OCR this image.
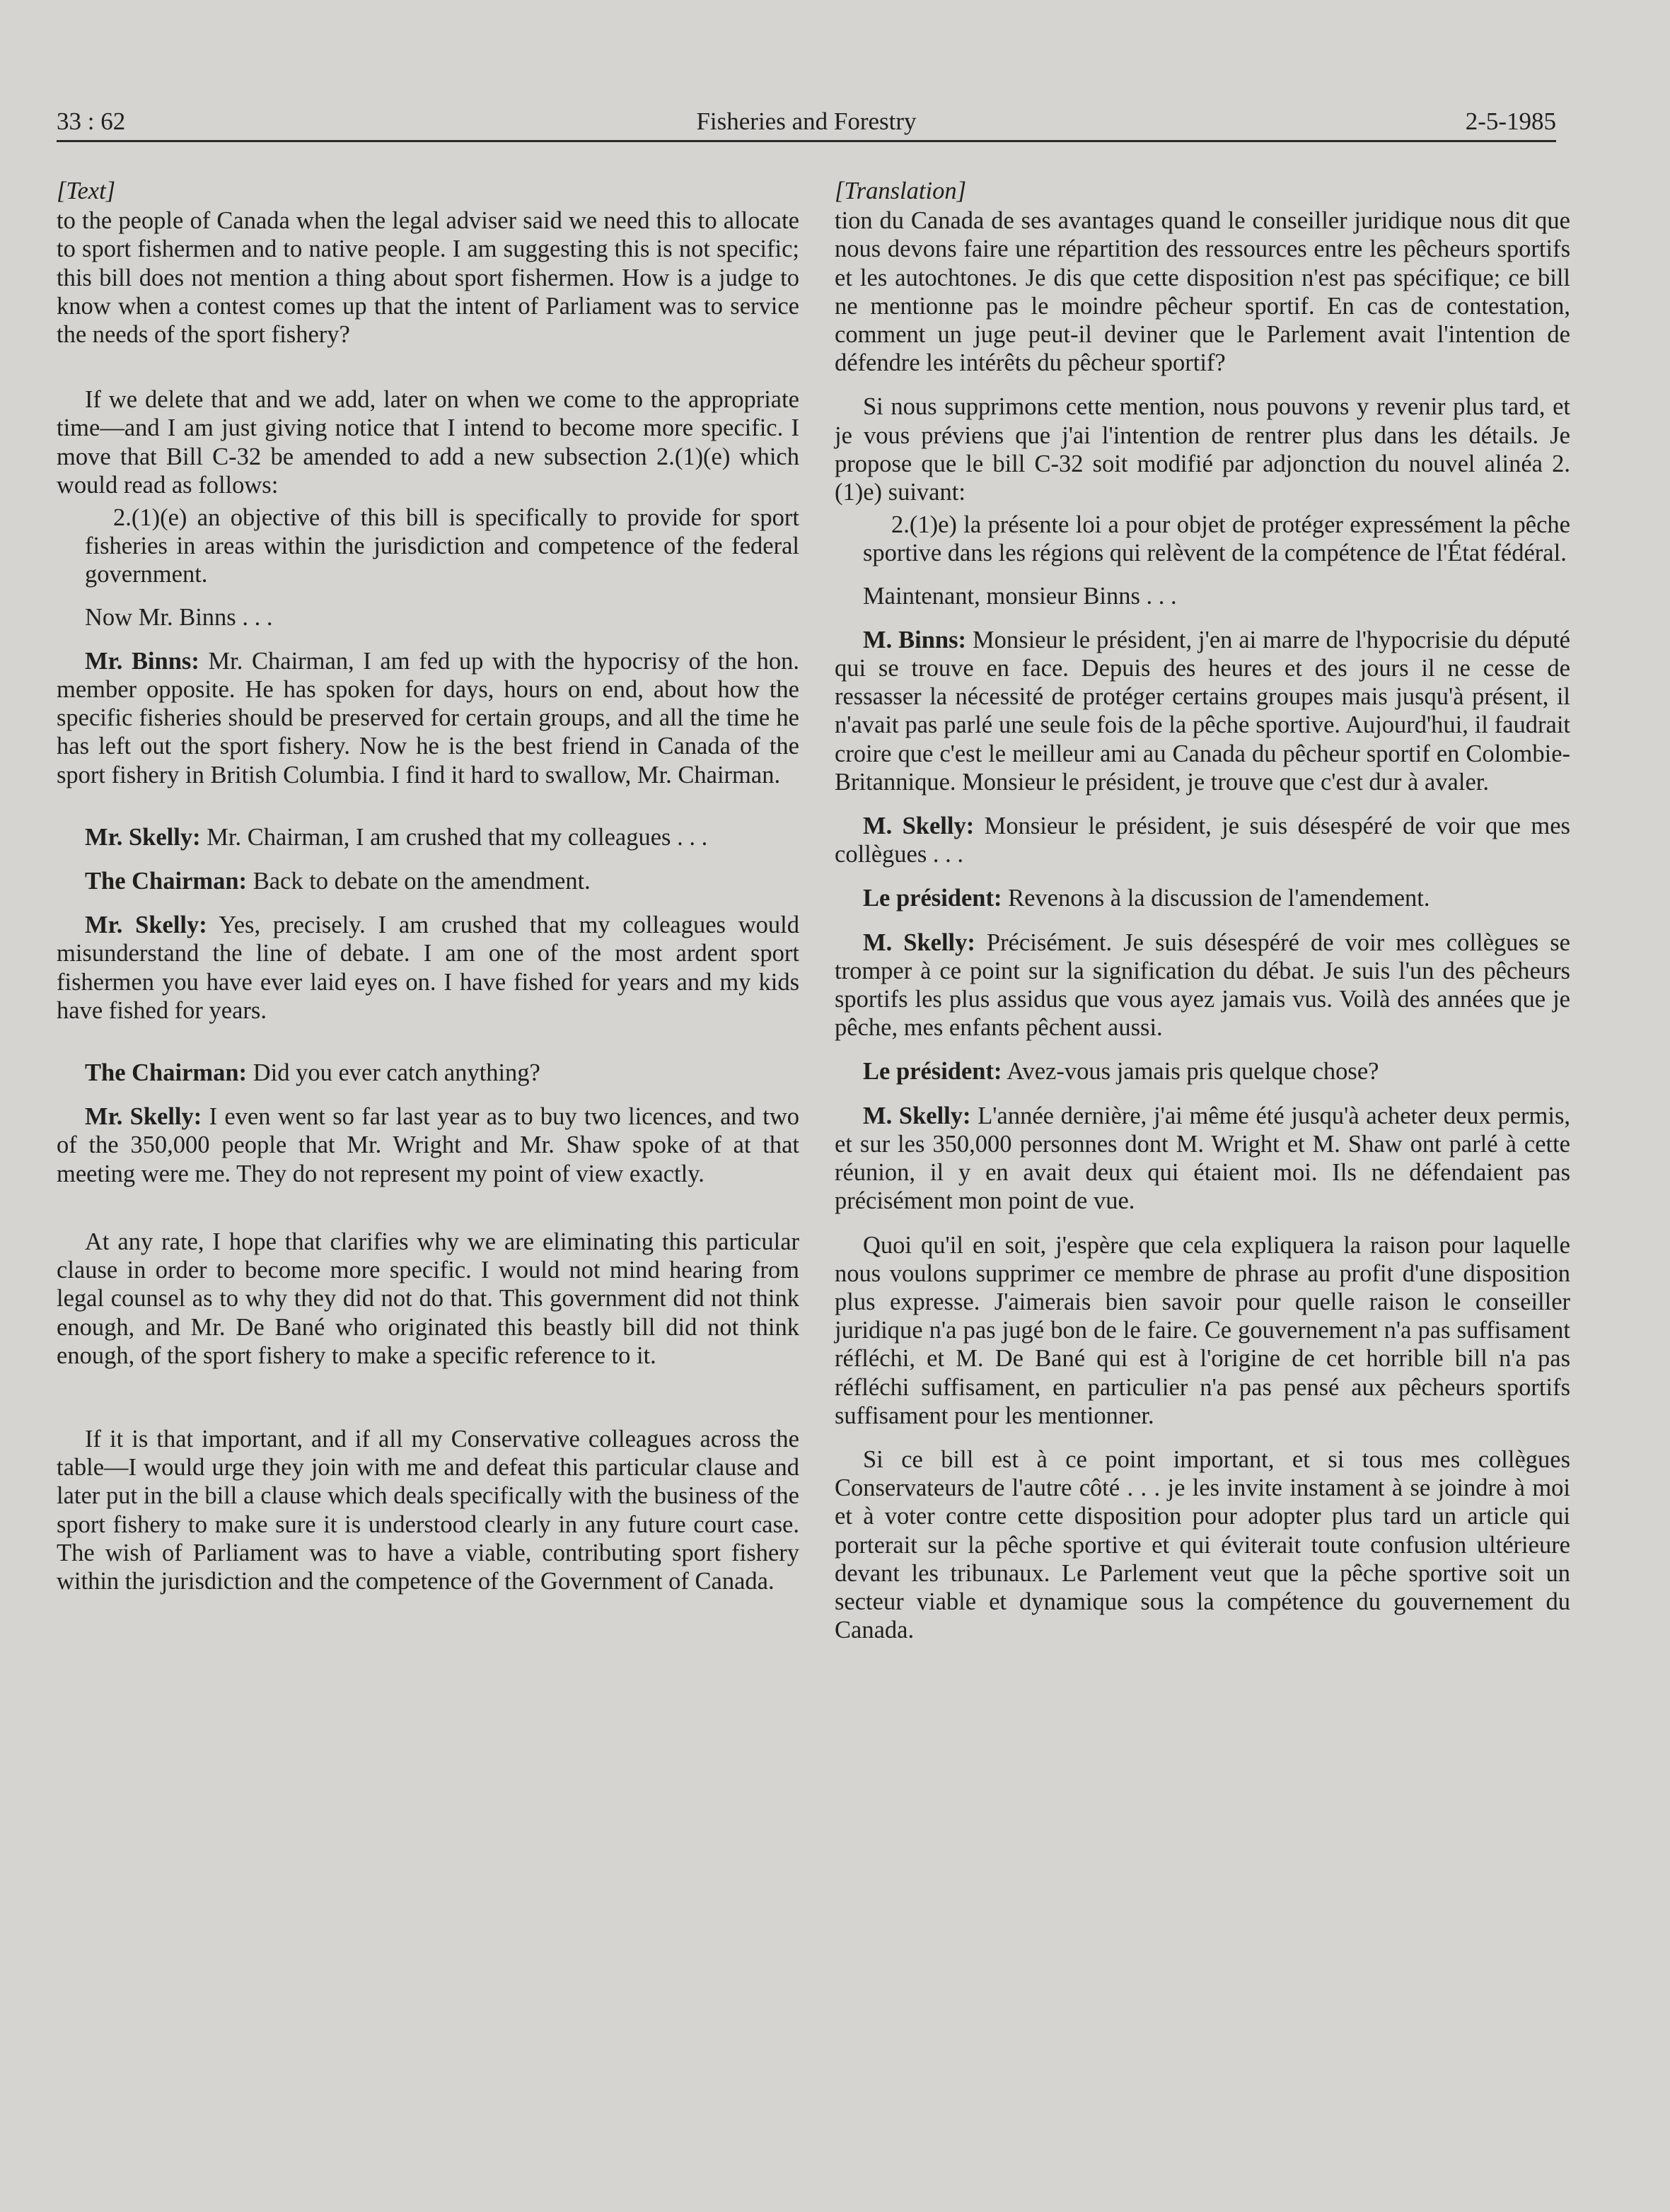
33 : 62	Fisheries and Forestry	2-5-1985
[Text]

to the people of Canada when the legal adviser said we need this to allocate to sport fishermen and to native people. I am suggesting this is not specific; this bill does not mention a thing about sport fishermen. How is a judge to know when a contest comes up that the intent of Parliament was to service the needs of the sport fishery?

If we delete that and we add, later on when we come to the appropriate time—and I am just giving notice that I intend to become more specific. I move that Bill C-32 be amended to add a new subsection 2.(1)(e) which would read as follows:

2.(1)(e) an objective of this bill is specifically to provide for sport fisheries in areas within the jurisdiction and competence of the federal government.

Now Mr. Binns . . .

Mr. Binns: Mr. Chairman, I am fed up with the hypocrisy of the hon. member opposite. He has spoken for days, hours on end, about how the specific fisheries should be preserved for certain groups, and all the time he has left out the sport fishery. Now he is the best friend in Canada of the sport fishery in British Columbia. I find it hard to swallow, Mr. Chairman.

Mr. Skelly: Mr. Chairman, I am crushed that my colleagues . . .

The Chairman: Back to debate on the amendment.

Mr. Skelly: Yes, precisely. I am crushed that my colleagues would misunderstand the line of debate. I am one of the most ardent sport fishermen you have ever laid eyes on. I have fished for years and my kids have fished for years.

The Chairman: Did you ever catch anything?

Mr. Skelly: I even went so far last year as to buy two licences, and two of the 350,000 people that Mr. Wright and Mr. Shaw spoke of at that meeting were me. They do not represent my point of view exactly.

At any rate, I hope that clarifies why we are eliminating this particular clause in order to become more specific. I would not mind hearing from legal counsel as to why they did not do that. This government did not think enough, and Mr. De Bané who originated this beastly bill did not think enough, of the sport fishery to make a specific reference to it.

If it is that important, and if all my Conservative colleagues across the table—I would urge they join with me and defeat this particular clause and later put in the bill a clause which deals specifically with the business of the sport fishery to make sure it is understood clearly in any future court case. The wish of Parliament was to have a viable, contributing sport fishery within the jurisdiction and the competence of the Government of Canada.

[Translation]

tion du Canada de ses avantages quand le conseiller juridique nous dit que nous devons faire une répartition des ressources entre les pêcheurs sportifs et les autochtones. Je dis que cette disposition n'est pas spécifique; ce bill ne mentionne pas le moindre pêcheur sportif. En cas de contestation, comment un juge peut-il deviner que le Parlement avait l'intention de défendre les intérêts du pêcheur sportif?

Si nous supprimons cette mention, nous pouvons y revenir plus tard, et je vous préviens que j'ai l'intention de rentrer plus dans les détails. Je propose que le bill C-32 soit modifié par adjonction du nouvel alinéa 2.(1)e) suivant:

2.(1)e) la présente loi a pour objet de protéger expressément la pêche sportive dans les régions qui relèvent de la compétence de l'État fédéral.

Maintenant, monsieur Binns . . .

M. Binns: Monsieur le président, j'en ai marre de l'hypocrisie du député qui se trouve en face. Depuis des heures et des jours il ne cesse de ressasser la nécessité de protéger certains groupes mais jusqu'à présent, il n'avait pas parlé une seule fois de la pêche sportive. Aujourd'hui, il faudrait croire que c'est le meilleur ami au Canada du pêcheur sportif en Colombie-Britannique. Monsieur le président, je trouve que c'est dur à avaler.

M. Skelly: Monsieur le président, je suis désespéré de voir que mes collègues . . .

Le président: Revenons à la discussion de l'amendement.

M. Skelly: Précisément. Je suis désespéré de voir mes collègues se tromper à ce point sur la signification du débat. Je suis l'un des pêcheurs sportifs les plus assidus que vous ayez jamais vus. Voilà des années que je pêche, mes enfants pêchent aussi.

Le président: Avez-vous jamais pris quelque chose?

M. Skelly: L'année dernière, j'ai même été jusqu'à acheter deux permis, et sur les 350,000 personnes dont M. Wright et M. Shaw ont parlé à cette réunion, il y en avait deux qui étaient moi. Ils ne défendaient pas précisément mon point de vue.

Quoi qu'il en soit, j'espère que cela expliquera la raison pour laquelle nous voulons supprimer ce membre de phrase au profit d'une disposition plus expresse. J'aimerais bien savoir pour quelle raison le conseiller juridique n'a pas jugé bon de le faire. Ce gouvernement n'a pas suffisament réfléchi, et M. De Bané qui est à l'origine de cet horrible bill n'a pas réfléchi suffisament, en particulier n'a pas pensé aux pêcheurs sportifs suffisament pour les mentionner.

Si ce bill est à ce point important, et si tous mes collègues Conservateurs de l'autre côté . . . je les invite instament à se joindre à moi et à voter contre cette disposition pour adopter plus tard un article qui porterait sur la pêche sportive et qui éviterait toute confusion ultérieure devant les tribunaux. Le Parlement veut que la pêche sportive soit un secteur viable et dynamique sous la compétence du gouvernement du Canada.
